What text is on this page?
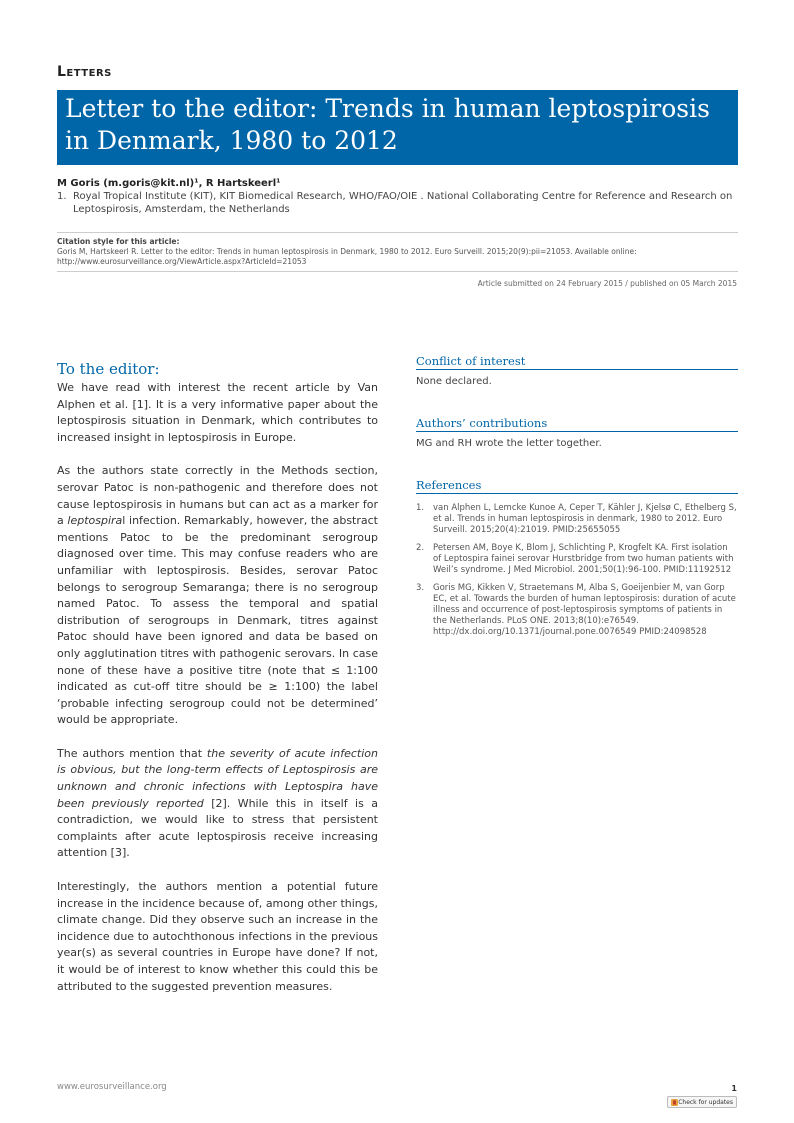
Letters
Letter to the editor: Trends in human leptospirosis in Denmark, 1980 to 2012
M Goris (m.goris@kit.nl)¹, R Hartskeerl¹
1. Royal Tropical Institute (KIT), KIT Biomedical Research, WHO/FAO/OIE . National Collaborating Centre for Reference and Research on Leptospirosis, Amsterdam, the Netherlands
Citation style for this article:
Goris M, Hartskeerl R. Letter to the editor: Trends in human leptospirosis in Denmark, 1980 to 2012. Euro Surveill. 2015;20(9):pii=21053. Available online: http://www.eurosurveillance.org/ViewArticle.aspx?ArticleId=21053
Article submitted on 24 February 2015 / published on 05 March 2015
To the editor:

We have read with interest the recent article by Van Alphen et al. [1]. It is a very informative paper about the leptospirosis situation in Denmark, which contributes to increased insight in leptospirosis in Europe.

As the authors state correctly in the Methods section, serovar Patoc is non-pathogenic and therefore does not cause leptospirosis in humans but can act as a marker for a leptospiral infection. Remarkably, however, the abstract mentions Patoc to be the predominant serogroup diagnosed over time. This may confuse readers who are unfamiliar with leptospirosis. Besides, serovar Patoc belongs to serogroup Semaranga; there is no serogroup named Patoc. To assess the temporal and spatial distribution of serogroups in Denmark, titres against Patoc should have been ignored and data be based on only agglutination titres with pathogenic serovars. In case none of these have a positive titre (note that ≤ 1:100 indicated as cut-off titre should be ≥ 1:100) the label ‘probable infecting serogroup could not be determined’ would be appropriate.

The authors mention that the severity of acute infection is obvious, but the long-term effects of Leptospirosis are unknown and chronic infections with Leptospira have been previously reported [2]. While this in itself is a contradiction, we would like to stress that persistent complaints after acute leptospirosis receive increasing attention [3].

Interestingly, the authors mention a potential future increase in the incidence because of, among other things, climate change. Did they observe such an increase in the incidence due to autochthonous infections in the previous year(s) as several countries in Europe have done? If not, it would be of interest to know whether this could this be attributed to the suggested prevention measures.

Conflict of interest

None declared.

Authors’ contributions

MG and RH wrote the letter together.

References
1. van Alphen L, Lemcke Kunoe A, Ceper T, Kähler J, Kjelsø C, Ethelberg S, et al. Trends in human leptospirosis in denmark, 1980 to 2012. Euro Surveill. 2015;20(4):21019. PMID:25655055
2. Petersen AM, Boye K, Blom J, Schlichting P, Krogfelt KA. First isolation of Leptospira fainei serovar Hurstbridge from two human patients with Weil’s syndrome. J Med Microbiol. 2001;50(1):96-100. PMID:11192512
3. Goris MG, Kikken V, Straetemans M, Alba S, Goeijenbier M, van Gorp EC, et al. Towards the burden of human leptospirosis: duration of acute illness and occurrence of post-leptospirosis symptoms of patients in the Netherlands. PLoS ONE. 2013;8(10):e76549. http://dx.doi.org/10.1371/journal.pone.0076549 PMID:24098528
www.eurosurveillance.org	1
Check for updates
